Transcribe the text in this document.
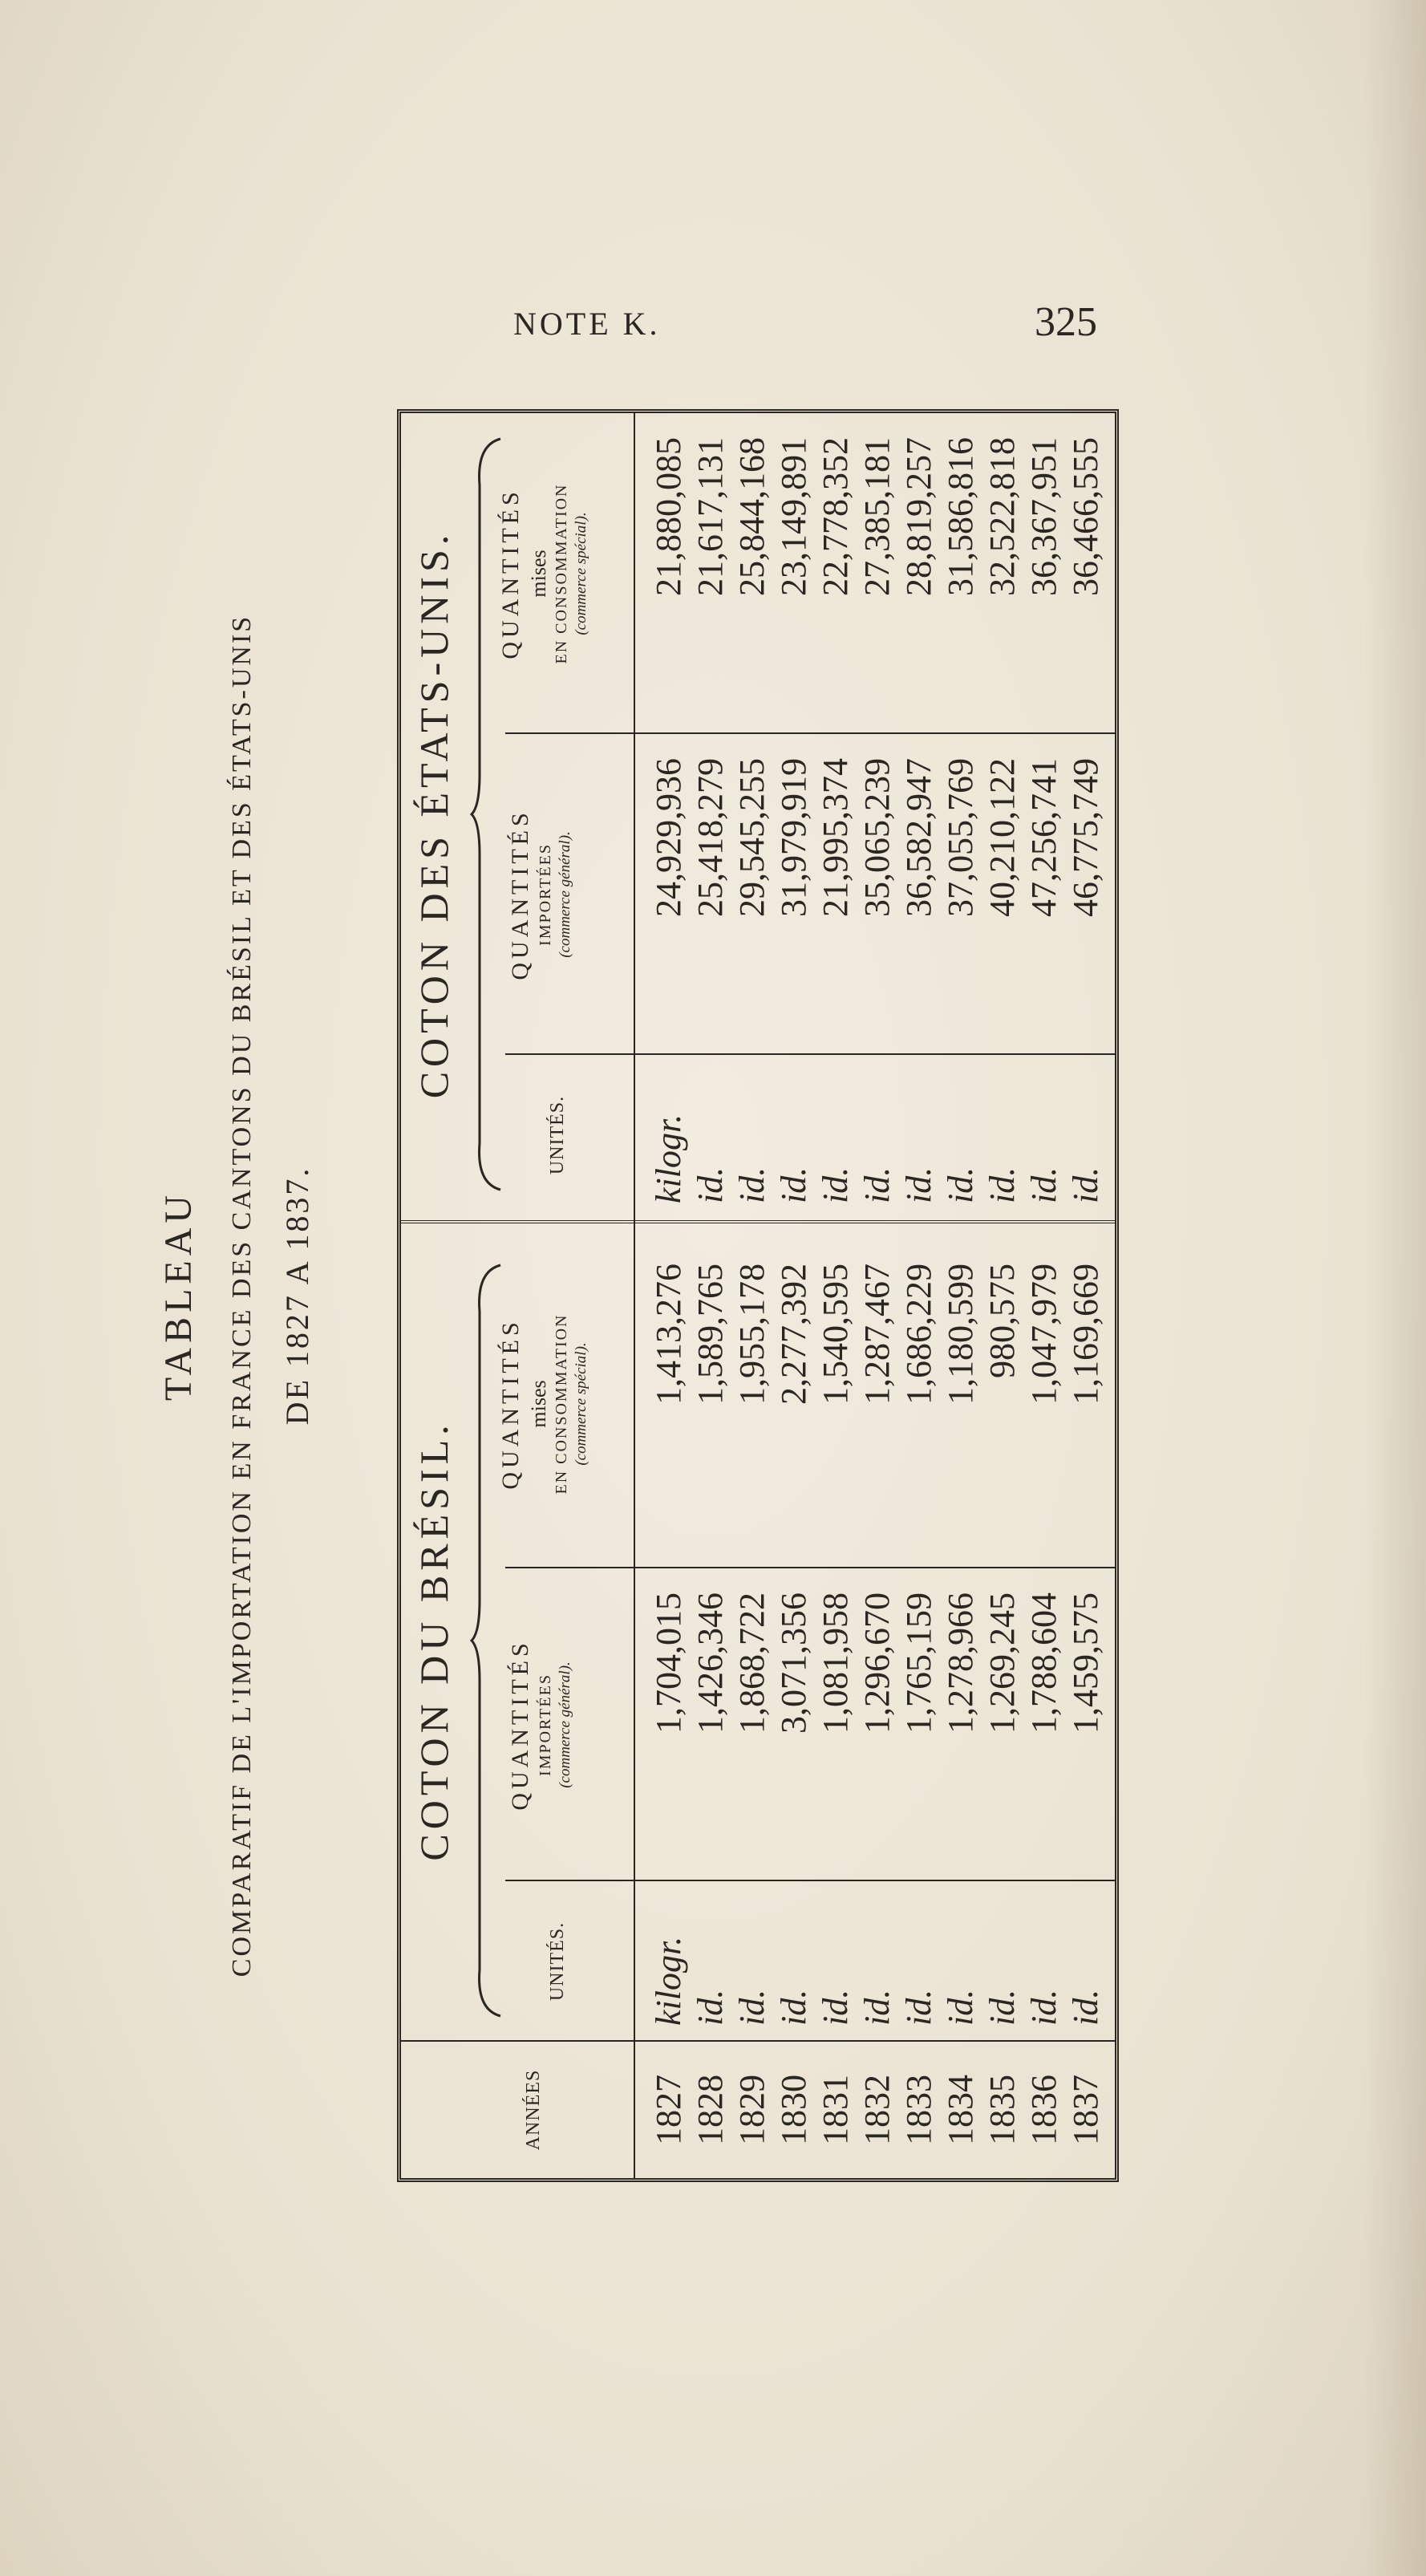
NOTE K.	325
TABLEAU COMPARATIF DE L'IMPORTATION EN FRANCE DES CANTONS DU BRÉSIL ET DES ÉTATS-UNIS DE 1827 A 1837.
ANNÉES
COTON DU BRÉSIL.
COTON DES ÉTATS-UNIS.
UNITÉS.
QUANTITÉS IMPORTÉES (commerce général).
QUANTITÉS mises EN CONSOMMATION (commerce spécial).
UNITÉS.
QUANTITÉS IMPORTÉES (commerce général).
QUANTITÉS mises EN CONSOMMATION (commerce spécial).
1827
kilogr.
1,704,015
1,413,276
kilogr.
24,929,936
21,880,085
1828
id.
1,426,346
1,589,765
id.
25,418,279
21,617,131
1829
id.
1,868,722
1,955,178
id.
29,545,255
25,844,168
1830
id.
3,071,356
2,277,392
id.
31,979,919
23,149,891
1831
id.
1,081,958
1,540,595
id.
21,995,374
22,778,352
1832
id.
1,296,670
1,287,467
id.
35,065,239
27,385,181
1833
id.
1,765,159
1,686,229
id.
36,582,947
28,819,257
1834
id.
1,278,966
1,180,599
id.
37,055,769
31,586,816
1835
id.
1,269,245
980,575
id.
40,210,122
32,522,818
1836
id.
1,788,604
1,047,979
id.
47,256,741
36,367,951
1837
id.
1,459,575
1,169,669
id.
46,775,749
36,466,555
